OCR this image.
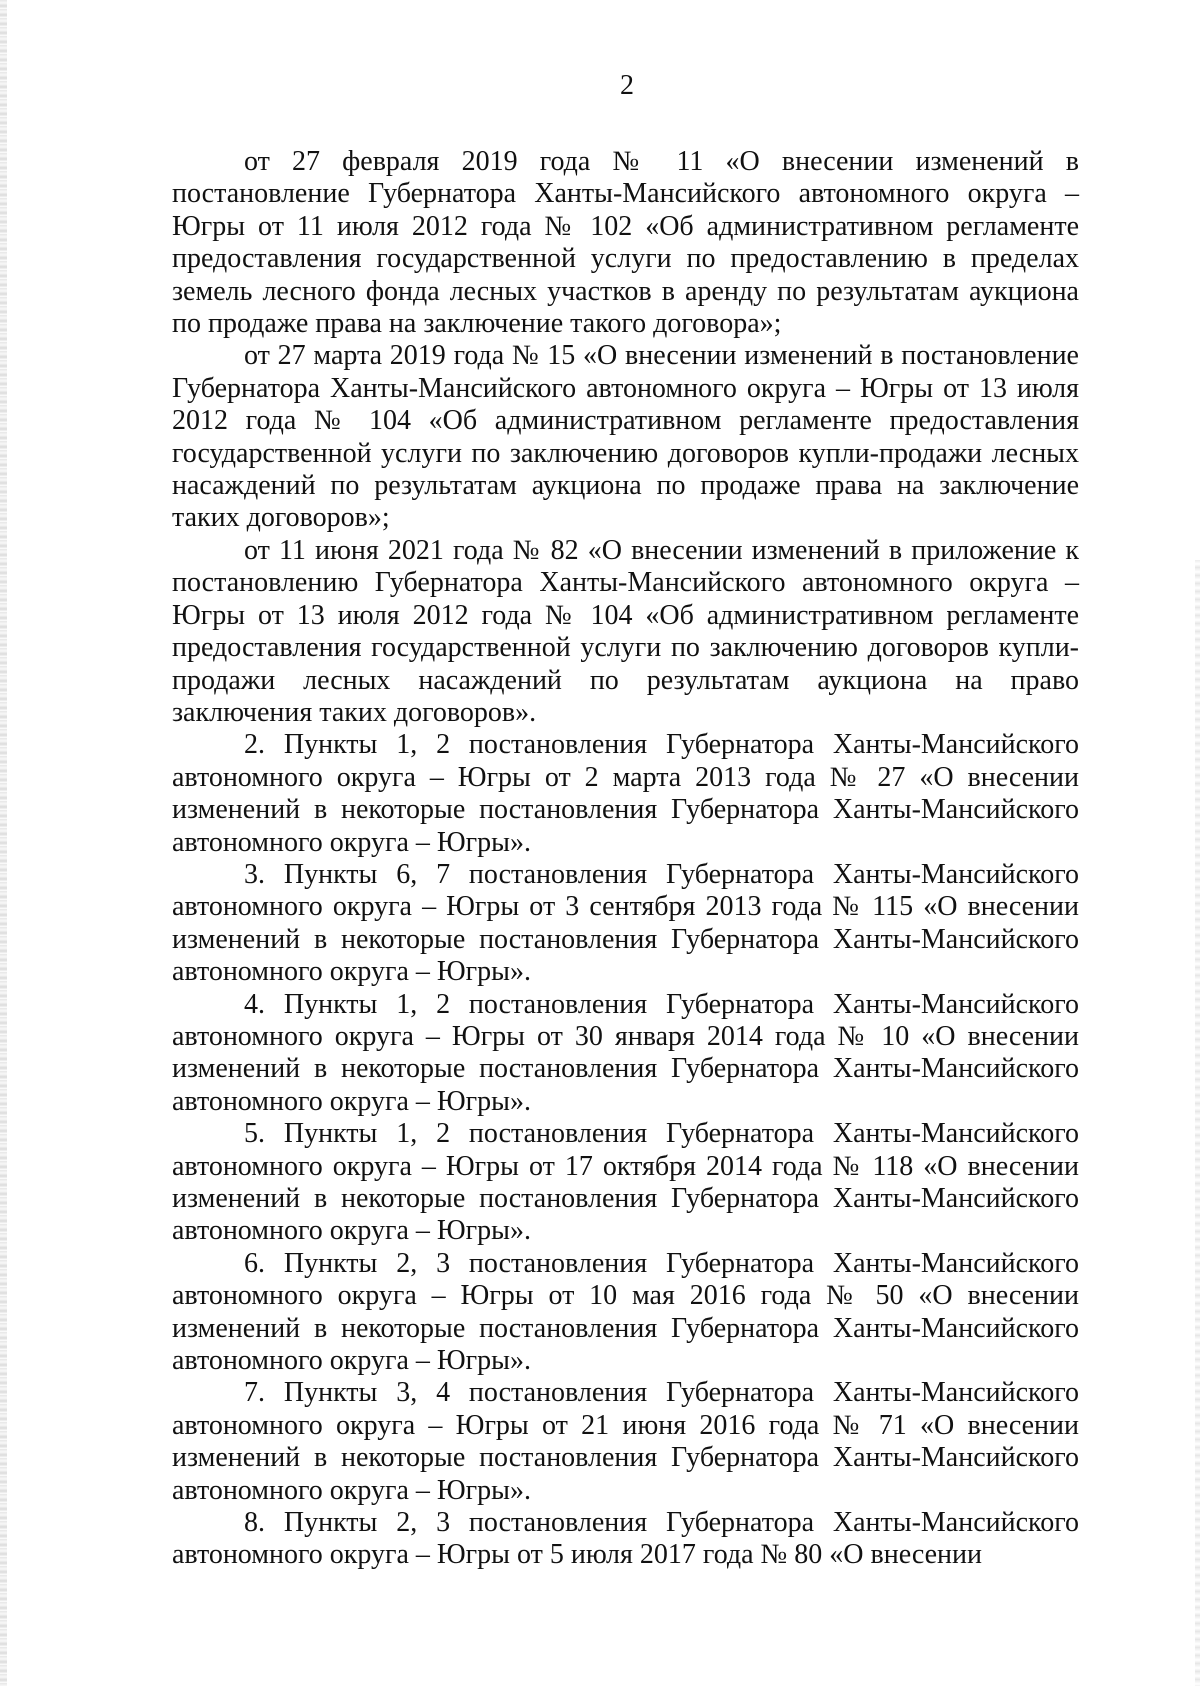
2

от 27 февраля 2019 года № 11 «О внесении изменений в постановление Губернатора Ханты-Мансийского автономного округа – Югры от 11 июля 2012 года № 102 «Об административном регламенте предоставления государственной услуги по предоставлению в пределах земель лесного фонда лесных участков в аренду по результатам аукциона по продаже права на заключение такого договора»;

от 27 марта 2019 года № 15 «О внесении изменений в постановление Губернатора Ханты-Мансийского автономного округа – Югры от 13 июля 2012 года № 104 «Об административном регламенте предоставления государственной услуги по заключению договоров купли-продажи лесных насаждений по результатам аукциона по продаже права на заключение таких договоров»;

от 11 июня 2021 года № 82 «О внесении изменений в приложение к постановлению Губернатора Ханты-Мансийского автономного округа – Югры от 13 июля 2012 года № 104 «Об административном регламенте предоставления государственной услуги по заключению договоров купли-продажи лесных насаждений по результатам аукциона на право заключения таких договоров».

2. Пункты 1, 2 постановления Губернатора Ханты-Мансийского автономного округа – Югры от 2 марта 2013 года № 27 «О внесении изменений в некоторые постановления Губернатора Ханты-Мансийского автономного округа – Югры».

3. Пункты 6, 7 постановления Губернатора Ханты-Мансийского автономного округа – Югры от 3 сентября 2013 года № 115 «О внесении изменений в некоторые постановления Губернатора Ханты-Мансийского автономного округа – Югры».

4. Пункты 1, 2 постановления Губернатора Ханты-Мансийского автономного округа – Югры от 30 января 2014 года № 10 «О внесении изменений в некоторые постановления Губернатора Ханты-Мансийского автономного округа – Югры».

5. Пункты 1, 2 постановления Губернатора Ханты-Мансийского автономного округа – Югры от 17 октября 2014 года № 118 «О внесении изменений в некоторые постановления Губернатора Ханты-Мансийского автономного округа – Югры».

6. Пункты 2, 3 постановления Губернатора Ханты-Мансийского автономного округа – Югры от 10 мая 2016 года № 50 «О внесении изменений в некоторые постановления Губернатора Ханты-Мансийского автономного округа – Югры».

7. Пункты 3, 4 постановления Губернатора Ханты-Мансийского автономного округа – Югры от 21 июня 2016 года № 71 «О внесении изменений в некоторые постановления Губернатора Ханты-Мансийского автономного округа – Югры».

8. Пункты 2, 3 постановления Губернатора Ханты-Мансийского автономного округа – Югры от 5 июля 2017 года № 80 «О внесении
